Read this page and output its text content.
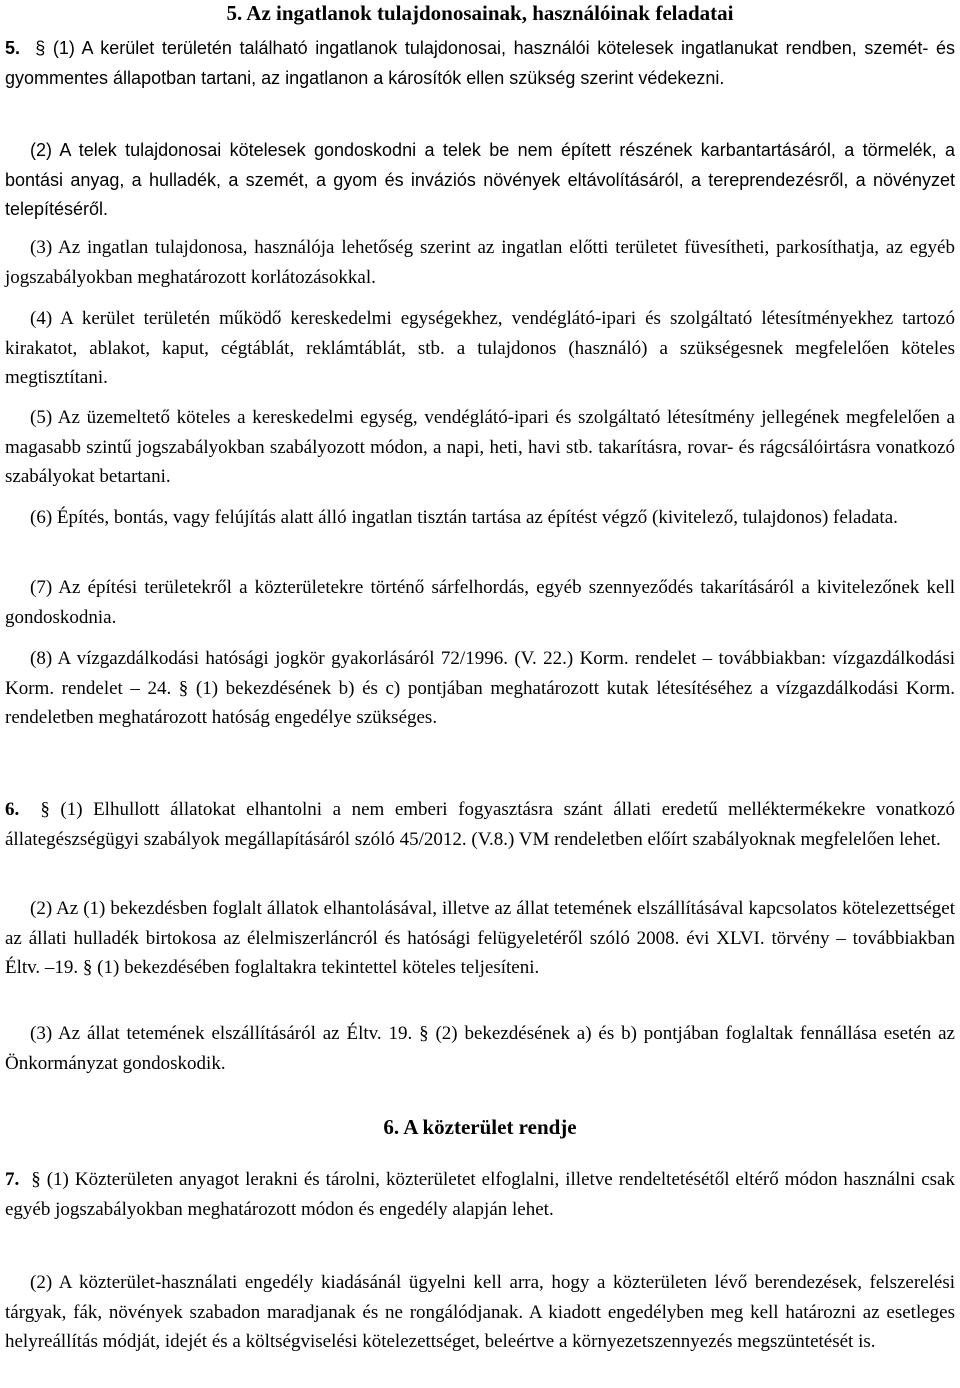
5. Az ingatlanok tulajdonosainak, használóinak feladatai

5. § (1) A kerület területén található ingatlanok tulajdonosai, használói kötelesek ingatlanukat rendben, szemét- és gyommentes állapotban tartani, az ingatlanon a károsítók ellen szükség szerint védekezni.

(2) A telek tulajdonosai kötelesek gondoskodni a telek be nem épített részének karbantartásáról, a törmelék, a bontási anyag, a hulladék, a szemét, a gyom és inváziós növények eltávolításáról, a tereprendezésről, a növényzet telepítéséről.

(3) Az ingatlan tulajdonosa, használója lehetőség szerint az ingatlan előtti területet füvesítheti, parkosíthatja, az egyéb jogszabályokban meghatározott korlátozásokkal.

(4) A kerület területén működő kereskedelmi egységekhez, vendéglátó-ipari és szolgáltató létesítményekhez tartozó kirakatot, ablakot, kaput, cégtáblát, reklámtáblát, stb. a tulajdonos (használó) a szükségesnek megfelelően köteles megtisztítani.

(5) Az üzemeltető köteles a kereskedelmi egység, vendéglátó-ipari és szolgáltató létesítmény jellegének megfelelően a magasabb szintű jogszabályokban szabályozott módon, a napi, heti, havi stb. takarításra, rovar- és rágcsálóirtásra vonatkozó szabályokat betartani.

(6) Építés, bontás, vagy felújítás alatt álló ingatlan tisztán tartása az építést végző (kivitelező, tulajdonos) feladata.

(7) Az építési területekről a közterületekre történő sárfelhordás, egyéb szennyeződés takarításáról a kivitelezőnek kell gondoskodnia.

(8) A vízgazdálkodási hatósági jogkör gyakorlásáról 72/1996. (V. 22.) Korm. rendelet – továbbiakban: vízgazdálkodási Korm. rendelet – 24. § (1) bekezdésének b) és c) pontjában meghatározott kutak létesítéséhez a vízgazdálkodási Korm. rendeletben meghatározott hatóság engedélye szükséges.

6. § (1) Elhullott állatokat elhantolni a nem emberi fogyasztásra szánt állati eredetű melléktermékekre vonatkozó állategészségügyi szabályok megállapításáról szóló 45/2012. (V.8.) VM rendeletben előírt szabályoknak megfelelően lehet.

(2) Az (1) bekezdésben foglalt állatok elhantolásával, illetve az állat tetemének elszállításával kapcsolatos kötelezettséget az állati hulladék birtokosa az élelmiszerláncról és hatósági felügyeletéről szóló 2008. évi XLVI. törvény – továbbiakban Éltv. –19. § (1) bekezdésében foglaltakra tekintettel köteles teljesíteni.

(3) Az állat tetemének elszállításáról az Éltv. 19. § (2) bekezdésének a) és b) pontjában foglaltak fennállása esetén az Önkormányzat gondoskodik.

6. A közterület rendje

7. § (1) Közterületen anyagot lerakni és tárolni, közterületet elfoglalni, illetve rendeltetésétől eltérő módon használni csak egyéb jogszabályokban meghatározott módon és engedély alapján lehet.

(2) A közterület-használati engedély kiadásánál ügyelni kell arra, hogy a közterületen lévő berendezések, felszerelési tárgyak, fák, növények szabadon maradjanak és ne rongálódjanak. A kiadott engedélyben meg kell határozni az esetleges helyreállítás módját, idejét és a költségviselési kötelezettséget, beleértve a környezetszennyezés megszüntetését is.
